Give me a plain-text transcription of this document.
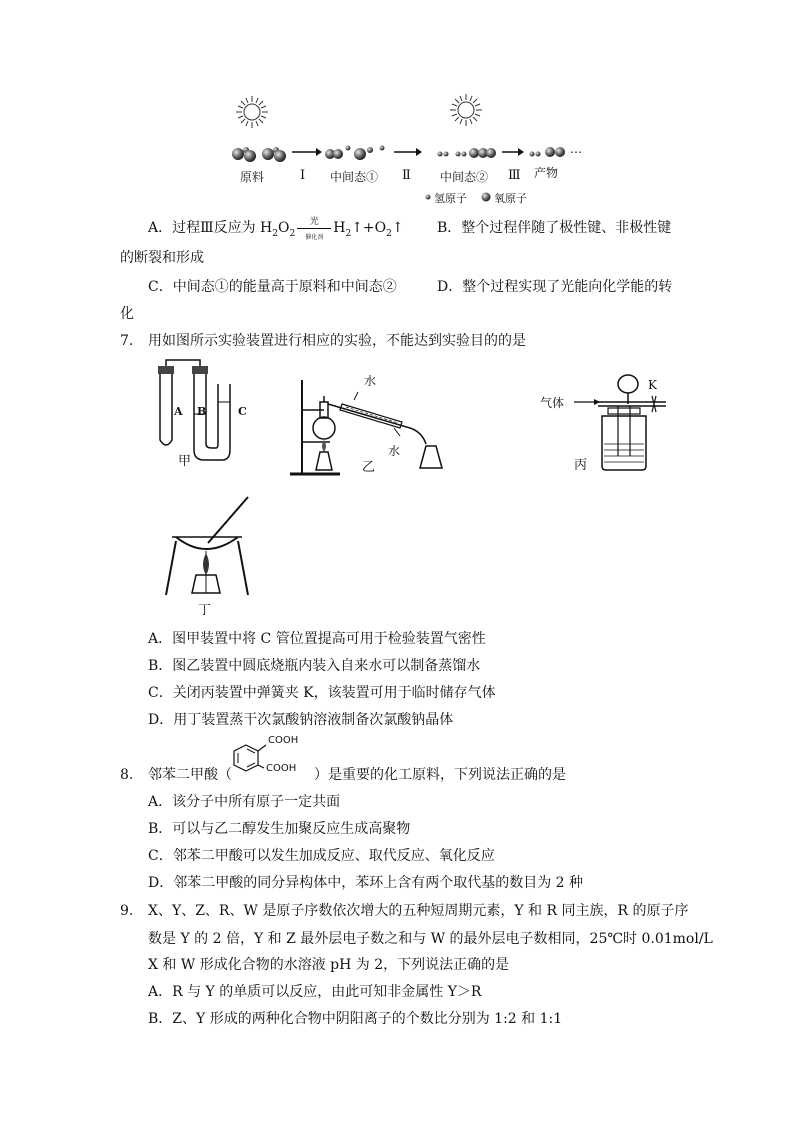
原料	Ⅰ 中间态① Ⅱ 中间态② Ⅲ 产物
…
氢原子 氧原子
A．过程Ⅲ反应为 $H_2O_2 \frac{\text{光}}{\text{催化剂}}$ $H_2↑+O_2↑$ B．整个过程伴随了极性键、非极性键
的断裂和形成
C．中间态①的能量高于原料和中间态②	D．整个过程实现了光能向化学能的转
化
7. 用如图所示实验装置进行相应的实验，不能达到实验目的的是
A B	C
甲
水
水
乙
气体
K
丙
丁
A．图甲装置中将 C 管位置提高可用于检验装置气密性
B．图乙装置中圆底烧瓶内装入自来水可以制备蒸馏水
C．关闭丙装置中弹簧夹 K，该装置可用于临时储存气体
D．用丁装置蒸干次氯酸钠溶液制备次氯酸钠晶体
8. 邻苯二甲酸（
COOH
COOH ）是重要的化工原料，下列说法正确的是
A．该分子中所有原子一定共面
B．可以与乙二醇发生加聚反应生成高聚物
C．邻苯二甲酸可以发生加成反应、取代反应、氧化反应
D．邻苯二甲酸的同分异构体中，苯环上含有两个取代基的数目为 2 种
9. X、Y、Z、R、W 是原子序数依次增大的五种短周期元素，Y 和 R 同主族，R 的原子序
数是 Y 的 2 倍，Y 和 Z 最外层电子数之和与 W 的最外层电子数相同，25℃时 0.01mol/L
X 和 W 形成化合物的水溶液 pH 为 2，下列说法正确的是
A．R 与 Y 的单质可以反应，由此可知非金属性 Y＞R
B．Z、Y 形成的两种化合物中阴阳离子的个数比分别为 1:2 和 1:1
